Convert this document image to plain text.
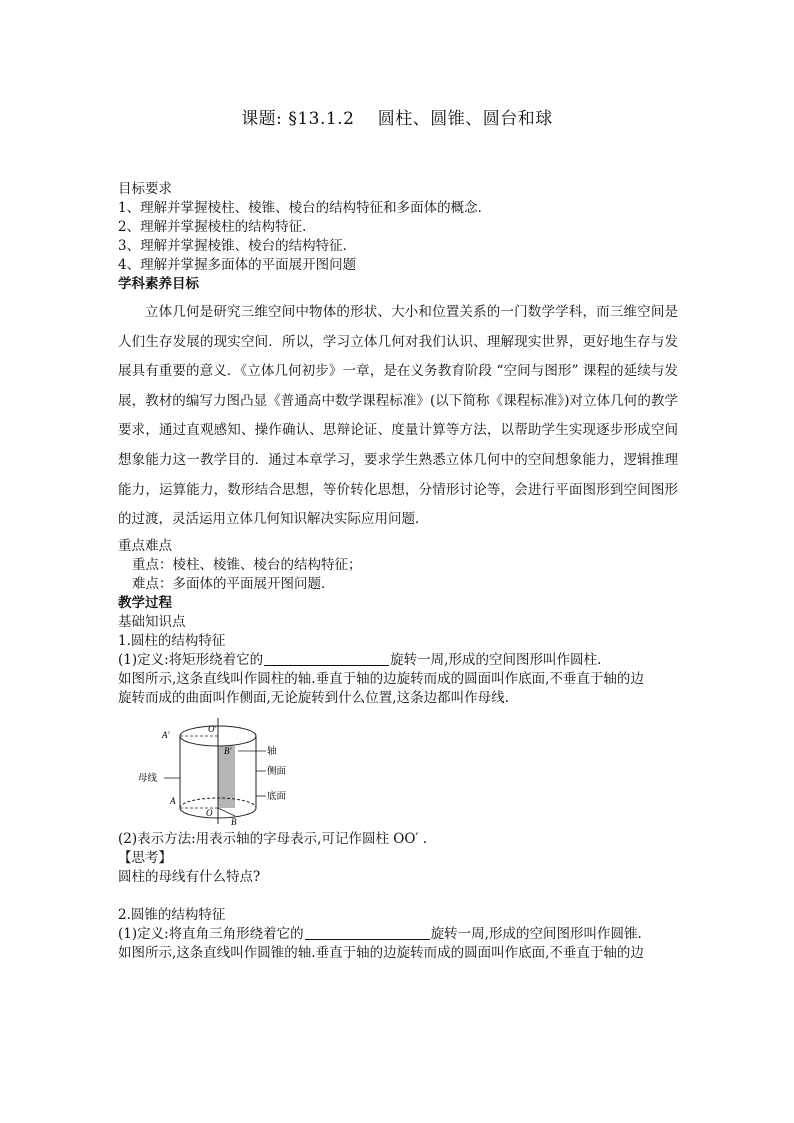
课题: §13.1.2　 圆柱、圆锥、圆台和球

目标要求

1、理解并掌握棱柱、棱锥、棱台的结构特征和多面体的概念．

2、理解并掌握棱柱的结构特征．

3、理解并掌握棱锥、棱台的结构特征．

4、理解并掌握多面体的平面展开图问题

学科素养目标

立体几何是研究三维空间中物体的形状、大小和位置关系的一门数学学科，而三维空间是人们生存发展的现实空间．所以，学习立体几何对我们认识、理解现实世界，更好地生存与发展具有重要的意义．《立体几何初步》一章，是在义务教育阶段 “空间与图形” 课程的延续与发展，教材的编写力图凸显《普通高中数学课程标准》(以下简称《课程标准》)对立体几何的教学要求，通过直观感知、操作确认、思辩论证、度量计算等方法，以帮助学生实现逐步形成空间想象能力这一教学目的．通过本章学习，要求学生熟悉立体几何中的空间想象能力，逻辑推理能力，运算能力，数形结合思想，等价转化思想，分情形讨论等，会进行平面图形到空间图形的过渡，灵活运用立体几何知识解决实际应用问题．

重点难点

重点：棱柱、棱锥、棱台的结构特征；

难点：多面体的平面展开图问题．

教学过程

基础知识点

1.圆柱的结构特征

(1)定义:将矩形绕着它的	旋转一周,形成的空间图形叫作圆柱.

如图所示,这条直线叫作圆柱的轴.垂直于轴的边旋转而成的圆面叫作底面,不垂直于轴的边

旋转而成的曲面叫作侧面,无论旋转到什么位置,这条边都叫作母线.

A′
O′
B′
A
O
B
轴
侧面
底面
母线

(2)表示方法:用表示轴的字母表示,可记作圆柱 OO′ .

【思考】

圆柱的母线有什么特点?

2.圆锥的结构特征

(1)定义:将直角三角形绕着它的	旋转一周,形成的空间图形叫作圆锥.

如图所示,这条直线叫作圆锥的轴.垂直于轴的边旋转而成的圆面叫作底面,不垂直于轴的边
